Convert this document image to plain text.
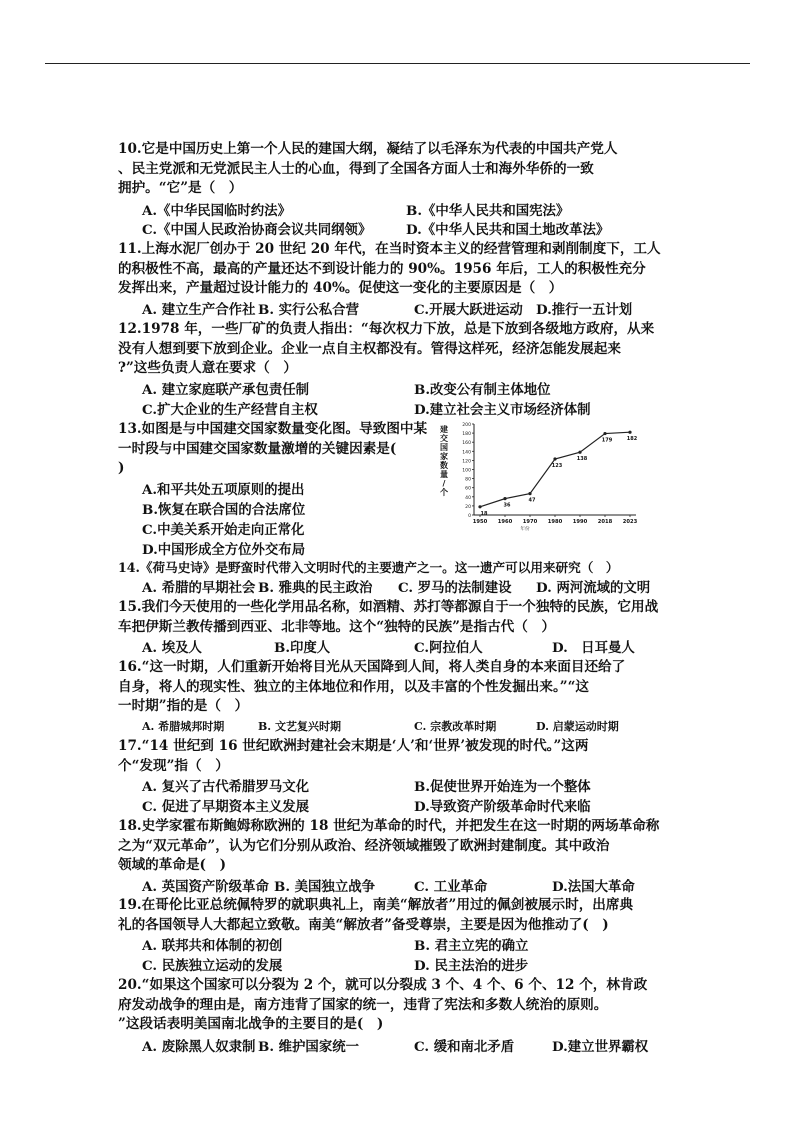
10.它是中国历史上第一个人民的建国大纲，凝结了以毛泽东为代表的中国共产党人
、民主党派和无党派民主人士的心血，得到了全国各方面人士和海外华侨的一致
拥护。“它”是（　）
A.《中华民国临时约法》	B.《中华人民共和国宪法》
C.《中国人民政治协商会议共同纲领》	D.《中华人民共和国土地改革法》
11.上海水泥厂创办于 20 世纪 20 年代，在当时资本主义的经营管理和剥削制度下，工人
的积极性不高，最高的产量还达不到设计能力的 90%。1956 年后，工人的积极性充分
发挥出来，产量超过设计能力的 40%。促使这一变化的主要原因是（　）
A. 建立生产合作社 B. 实行公私合营	C.开展大跃进运动 D.推行一五计划
12.1978 年，一些厂矿的负责人指出：“每次权力下放，总是下放到各级地方政府，从来
没有人想到要下放到企业。企业一点自主权都没有。管得这样死，经济怎能发展起来
?”这些负责人意在要求（　）
A. 建立家庭联产承包责任制	B.改变公有制主体地位
C.扩大企业的生产经营自主权	D.建立社会主义市场经济体制
13.如图是与中国建交国家数量变化图。导致图中某
一时段与中国建交国家数量激增的关键因素是(
)
A.和平共处五项原则的提出
B.恢复在联合国的合法席位
C.中美关系开始走向正常化
D.中国形成全方位外交布局
14.《荷马史诗》是野蛮时代带入文明时代的主要遗产之一。这一遗产可以用来研究（　）
A. 希腊的早期社会 B. 雅典的民主政治 C. 罗马的法制建设 D. 两河流域的文明
15.我们今天使用的一些化学用品名称，如酒精、苏打等都源自于一个独特的民族，它用战
车把伊斯兰教传播到西亚、北非等地。这个“独特的民族”是指古代（　）
A. 埃及人	B.印度人	C.阿拉伯人	D.　日耳曼人
16.“这一时期，人们重新开始将目光从天国降到人间，将人类自身的本来面目还给了
自身，将人的现实性、独立的主体地位和作用，以及丰富的个性发掘出来。”“这
一时期”指的是（　）
A. 希腊城邦时期	B. 文艺复兴时期	C. 宗教改革时期	D. 启蒙运动时期
17.“14 世纪到 16 世纪欧洲封建社会末期是‘人’和‘世界’被发现的时代。”这两
个“发现”指（　）
A. 复兴了古代希腊罗马文化	B.促使世界开始连为一个整体
C. 促进了早期资本主义发展	D.导致资产阶级革命时代来临
18.史学家霍布斯鲍姆称欧洲的 18 世纪为革命的时代，并把发生在这一时期的两场革命称
之为“双元革命”，认为它们分别从政治、经济领域摧毁了欧洲封建制度。其中政治
领域的革命是(　)
A. 英国资产阶级革命 B. 美国独立战争	C. 工业革命	D.法国大革命
19.在哥伦比亚总统佩特罗的就职典礼上，南美“解放者”用过的佩剑被展示时，出席典
礼的各国领导人大都起立致敬。南美“解放者”备受尊崇，主要是因为他推动了(　)
A. 联邦共和体制的初创	B. 君主立宪的确立
C. 民族独立运动的发展	D. 民主法治的进步
20.“如果这个国家可以分裂为 2 个，就可以分裂成 3 个、4 个、6 个、12 个，林肯政
府发动战争的理由是，南方违背了国家的统一，违背了宪法和多数人统治的原则。
”这段话表明美国南北战争的主要目的是(　)
A. 废除黑人奴隶制 B. 维护国家统一	C. 缓和南北矛盾	D.建立世界霸权
0
20
40
60
80
100
120
140
160
180
200
建
交
国
家
数
量
/
个
1950 1960 1970 1980 1990 2018 2023
年份
18
36
47
123
138
179	182
